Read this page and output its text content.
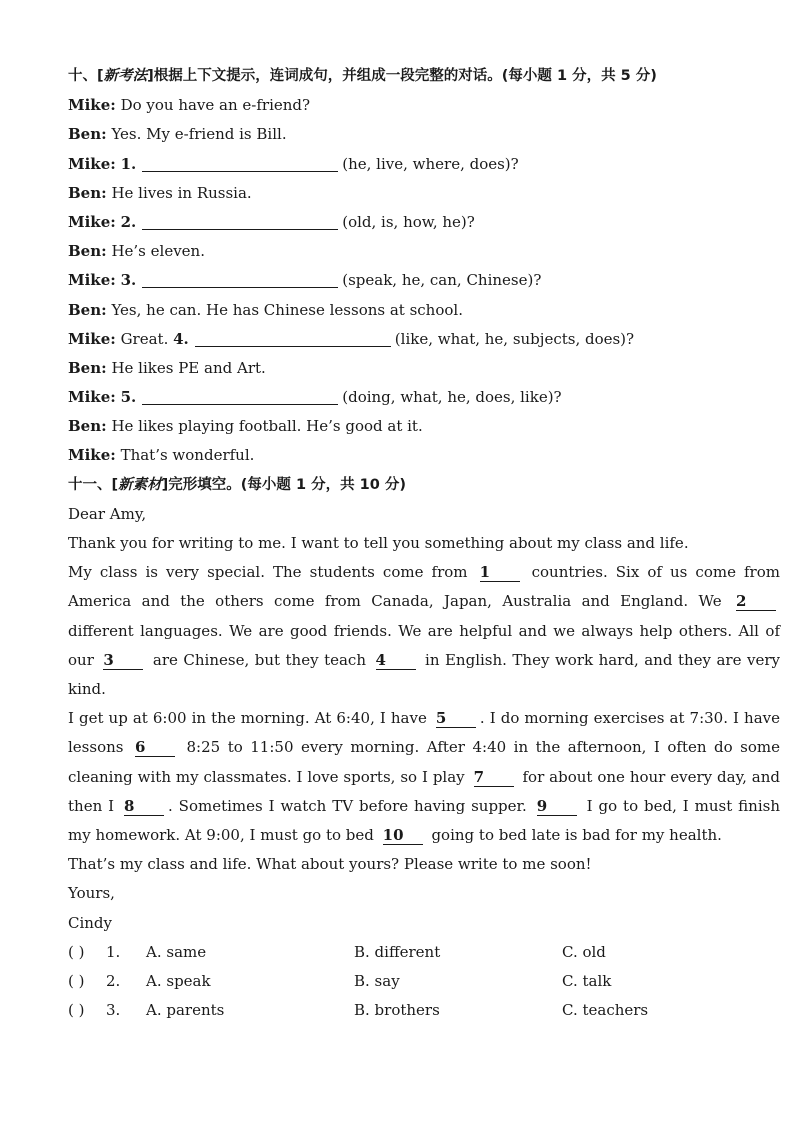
十、[新考法]根据上下文提示，连词成句，并组成一段完整的对话。(每小题 1 分，共 5 分)
Mike: Do you have an e-friend?
Ben: Yes. My e-friend is Bill.
Mike: 1.	(he, live, where, does)?
Ben: He lives in Russia.
Mike: 2.	(old, is, how, he)?
Ben: He’s eleven.
Mike: 3.	(speak, he, can, Chinese)?
Ben: Yes, he can. He has Chinese lessons at school.
Mike: Great. 4.	(like, what, he, subjects, does)?
Ben: He likes PE and Art.
Mike: 5.	(doing, what, he, does, like)?
Ben: He likes playing football. He’s good at it.
Mike: That’s wonderful.
十一、[新素材]完形填空。(每小题 1 分，共 10 分)
Dear Amy,
Thank you for writing to me. I want to tell you something about my class and life.

My class is very special. The students come from 1	countries. Six of us come from America and the others come from Canada, Japan, Australia and England. We 2 different languages. We are good friends. We are helpful and we always help others. All of our 3	are Chinese, but they teach 4	in English. They work hard, and they are very kind.

I get up at 6:00 in the morning. At 6:40, I have 5 . I do morning exercises at 7:30. I have lessons 6	8:25 to 11:50 every morning. After 4:40 in the afternoon, I often do some cleaning with my classmates. I love sports, so I play 7	for about one hour every day, and then I 8 . Sometimes I watch TV before having supper. 9	I go to bed, I must finish my homework. At 9:00, I must go to bed 10 going to bed late is bad for my health.

That’s my class and life. What about yours? Please write to me soon!
Yours,
Cindy
( ) 1. A. same	B. different	C. old
( ) 2. A. speak	B. say	C. talk
( ) 3. A. parents	B. brothers	C. teachers
